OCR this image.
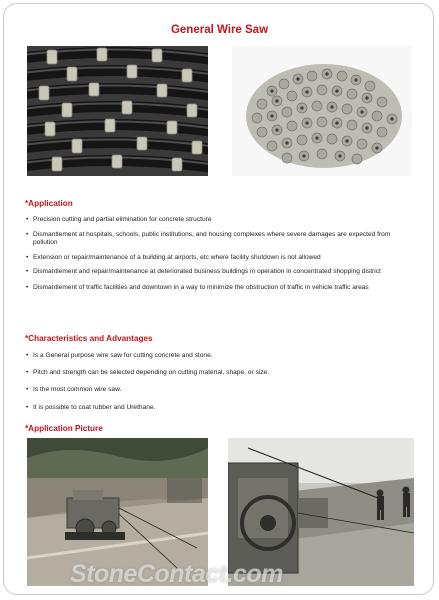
General Wire Saw
*Application
• Precision cutting and partial elimination for concrete structure
• Dismantlement at hospitals, schools, public institutions, and housing complexes where severe damages are expected from pollution
• Extension or repair/maintenance of a building at airports, etc where facility shutdown is not allowed
• Dismantlement and repair/maintenance at deteriorated business buildings in operation in concentrated shopping district
• Dismantlement of traffic facilities and downtown in a way to minimize the obstruction of traffic in vehicle traffic areas
*Characteristics and Advantages
• Is a General purpose wire saw for cutting concrete and stone.
• Pitch and strength can be selected depending on cutting material, shape, or size.
• Is the most common wire saw.
• It is possible to coat rubber and Urethane.
*Application Picture
StoneContact.com
